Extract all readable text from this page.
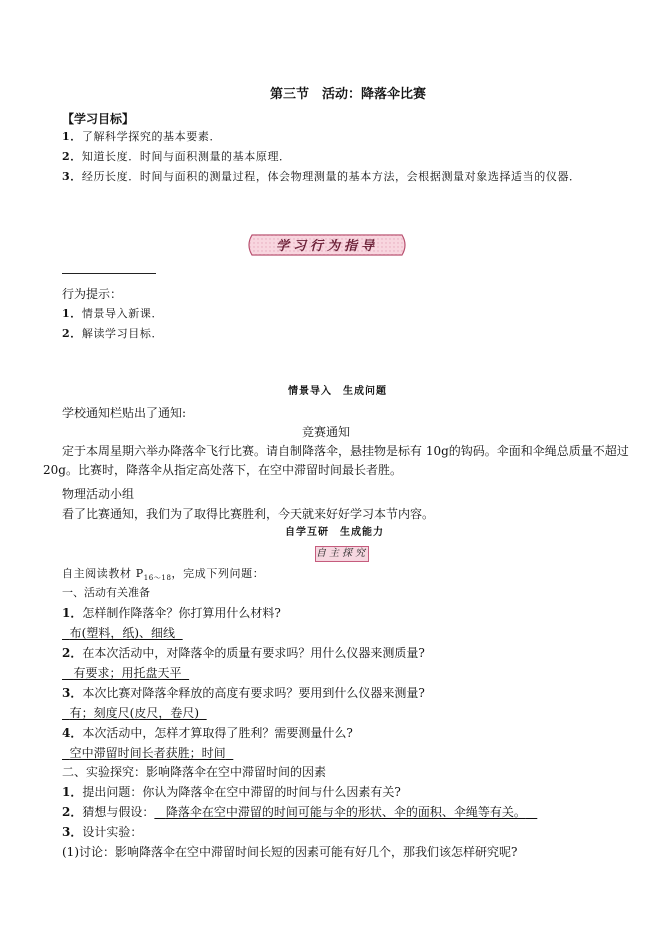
第三节　活动：降落伞比赛
【学习目标】
1．了解科学探究的基本要素．
2．知道长度．时间与面积测量的基本原理．
3．经历长度．时间与面积的测量过程，体会物理测量的基本方法，会根据测量对象选择适当的仪器．
学习行为指导
行为提示：
1．情景导入新课．
2．解读学习目标．
情景导入　生成问题
学校通知栏贴出了通知:
竞赛通知
定于本周星期六举办降落伞飞行比赛。请自制降落伞，悬挂物是标有 10g的钩码。伞面和伞绳总质量不超过
20g。比赛时，降落伞从指定高处落下，在空中滞留时间最长者胜。
物理活动小组
看了比赛通知，我们为了取得比赛胜利，今天就来好好学习本节内容。
自学互研　生成能力
自主探究
自主阅读教材 $P_{16\sim 18}$，完成下列问题：
一、活动有关准备
1．怎样制作降落伞？你打算用什么材料?
布(塑料，纸)、细线
2．在本次活动中，对降落伞的质量有要求吗？用什么仪器来测质量?
有要求；用托盘天平
3．本次比赛对降落伞释放的高度有要求吗？要用到什么仪器来测量?
有；刻度尺(皮尺，卷尺)
4．本次活动中，怎样才算取得了胜利？需要测量什么?
空中滞留时间长者获胜；时间
二、实验探究：影响降落伞在空中滞留时间的因素
1．提出问题：你认为降落伞在空中滞留的时间与什么因素有关?
2．猜想与假设： 降落伞在空中滞留的时间可能与伞的形状、伞的面积、伞绳等有关。
3．设计实验：
(1)讨论：影响降落伞在空中滞留时间长短的因素可能有好几个，那我们该怎样研究呢?
